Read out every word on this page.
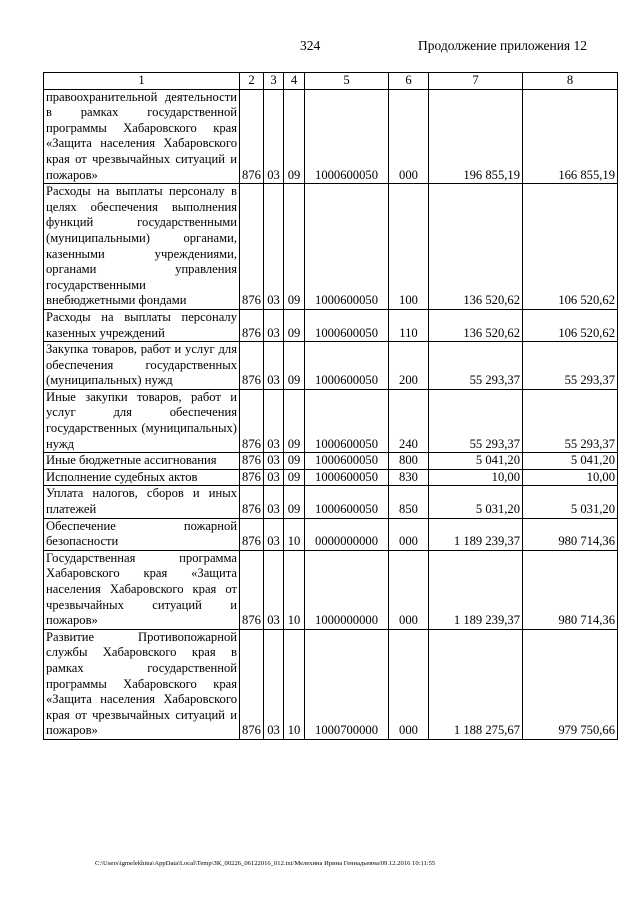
324	Продолжение приложения 12
1	2	3	4	5	6	7	8
правоохранительной деятельности в рамках государственной программы Хабаровского края «Защита населения Хабаровского края от чрезвычайных ситуаций и пожаров»	876	03	09	1000600050	000	196 855,19	166 855,19
Расходы на выплаты персоналу в целях обеспечения выполнения функций государственными (муниципальными) органами, казенными учреждениями, органами управления государственными внебюджетными фондами	876	03	09	1000600050	100	136 520,62	106 520,62
Расходы на выплаты персоналу казенных учреждений	876	03	09	1000600050	110	136 520,62	106 520,62
Закупка товаров, работ и услуг для обеспечения государственных (муниципальных) нужд	876	03	09	1000600050	200	55 293,37	55 293,37
Иные закупки товаров, работ и услуг для обеспечения государственных (муниципальных) нужд	876	03	09	1000600050	240	55 293,37	55 293,37
Иные бюджетные ассигнования	876	03	09	1000600050	800	5 041,20	5 041,20
Исполнение судебных актов	876	03	09	1000600050	830	10,00	10,00
Уплата налогов, сборов и иных платежей	876	03	09	1000600050	850	5 031,20	5 031,20
Обеспечение пожарной безопасности	876	03	10	0000000000	000	1 189 239,37	980 714,36
Государственная программа Хабаровского края «Защита населения Хабаровского края от чрезвычайных ситуаций и пожаров»	876	03	10	1000000000	000	1 189 239,37	980 714,36
Развитие Противопожарной службы Хабаровского края в рамках государственной программы Хабаровского края «Защита населения Хабаровского края от чрезвычайных ситуаций и пожаров»	876	03	10	1000700000	000	1 188 275,67	979 750,66
C:\Users\igmelekhina\AppData\Local\Temp\ЗК_00226_06122016_012.txt/Мелехина Ирина Геннадьевна/09.12.2016 10:11:55
